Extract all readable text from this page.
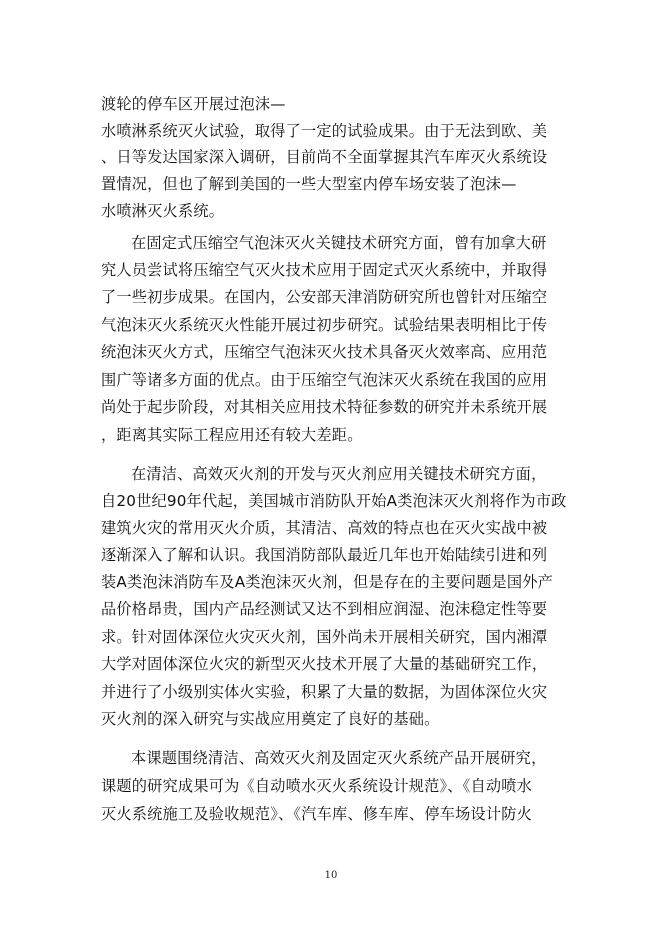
渡轮的停车区开展过泡沫—
水喷淋系统灭火试验，取得了一定的试验成果。由于无法到欧、美
、日等发达国家深入调研，目前尚不全面掌握其汽车库灭火系统设
置情况，但也了解到美国的一些大型室内停车场安装了泡沫—
水喷淋灭火系统。
在固定式压缩空气泡沫灭火关键技术研究方面，曾有加拿大研
究人员尝试将压缩空气灭火技术应用于固定式灭火系统中，并取得
了一些初步成果。在国内，公安部天津消防研究所也曾针对压缩空
气泡沫灭火系统灭火性能开展过初步研究。试验结果表明相比于传
统泡沫灭火方式，压缩空气泡沫灭火技术具备灭火效率高、应用范
围广等诸多方面的优点。由于压缩空气泡沫灭火系统在我国的应用
尚处于起步阶段，对其相关应用技术特征参数的研究并未系统开展
，距离其实际工程应用还有较大差距。
在清洁、高效灭火剂的开发与灭火剂应用关键技术研究方面，
自20世纪90年代起，美国城市消防队开始A类泡沫灭火剂将作为市政
建筑火灾的常用灭火介质，其清洁、高效的特点也在灭火实战中被
逐渐深入了解和认识。我国消防部队最近几年也开始陆续引进和列
装A类泡沫消防车及A类泡沫灭火剂，但是存在的主要问题是国外产
品价格昂贵，国内产品经测试又达不到相应润湿、泡沫稳定性等要
求。针对固体深位火灾灭火剂，国外尚未开展相关研究，国内湘潭
大学对固体深位火灾的新型灭火技术开展了大量的基础研究工作，
并进行了小级别实体火实验，积累了大量的数据，为固体深位火灾
灭火剂的深入研究与实战应用奠定了良好的基础。
本课题围绕清洁、高效灭火剂及固定灭火系统产品开展研究，
课题的研究成果可为《自动喷水灭火系统设计规范》、《自动喷水
灭火系统施工及验收规范》、《汽车库、修车库、停车场设计防火
10
